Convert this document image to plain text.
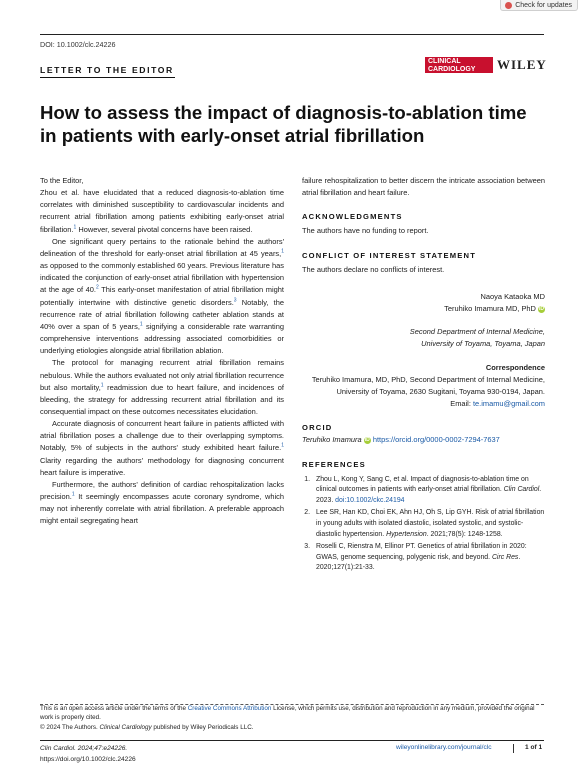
Check for updates
DOI: 10.1002/clc.24226
LETTER TO THE EDITOR
CLINICAL
CARDIOLOGY	WILEY
How to assess the impact of diagnosis-to-ablation time in patients with early-onset atrial fibrillation

To the Editor,

Zhou et al. have elucidated that a reduced diagnosis-to-ablation time correlates with diminished susceptibility to cardiovascular incidents and recurrent atrial fibrillation among patients exhibiting early-onset atrial fibrillation.$^1$ However, several pivotal concerns have been raised.

One significant query pertains to the rationale behind the authors' delineation of the threshold for early-onset atrial fibrillation at 45 years,$^1$ as opposed to the commonly established 60 years. Previous literature has indicated the conjunction of early-onset atrial fibrillation with hypertension at the age of 40.$^2$ This early-onset manifestation of atrial fibrillation might potentially intertwine with distinctive genetic disorders.$^3$ Notably, the recurrence rate of atrial fibrillation following catheter ablation stands at 40% over a span of 5 years,$^1$ signifying a considerable rate warranting comprehensive interventions addressing associated comorbidities or underlying etiologies alongside atrial fibrillation ablation.

The protocol for managing recurrent atrial fibrillation remains nebulous. While the authors evaluated not only atrial fibrillation recurrence but also mortality,$^1$ readmission due to heart failure, and incidences of bleeding, the strategy for addressing recurrent atrial fibrillation and its consequential impact on these outcomes necessitates elucidation.

Accurate diagnosis of concurrent heart failure in patients afflicted with atrial fibrillation poses a challenge due to their overlapping symptoms. Notably, 5% of subjects in the authors' study exhibited heart failure.$^1$ Clarity regarding the authors' methodology for diagnosing concurrent heart failure is imperative.

Furthermore, the authors' definition of cardiac rehospitalization lacks precision.$^1$ It seemingly encompasses acute coronary syndrome, which may not inherently correlate with atrial fibrillation. A preferable approach might entail segregating heart

failure rehospitalization to better discern the intricate association between atrial fibrillation and heart failure.

ACKNOWLEDGMENTS

The authors have no funding to report.

CONFLICT OF INTEREST STATEMENT

The authors declare no conflicts of interest.

Naoya Kataoka MD

Teruhiko Imamura MD, PhD iD

Second Department of Internal Medicine,

University of Toyama, Toyama, Japan

Correspondence

Teruhiko Imamura, MD, PhD, Second Department of Internal Medicine, University of Toyama, 2630 Sugitani, Toyama 930-0194, Japan.

Email: te.imamu@gmail.com

ORCID

Teruhiko Imamura iD https://orcid.org/0000-0002-7294-7637

REFERENCES

1. Zhou L, Kong Y, Sang C, et al. Impact of diagnosis-to-ablation time on clinical outcomes in patients with early-onset atrial fibrillation. Clin Cardiol. 2023. doi:10.1002/ckc.24194
2. Lee SR, Han KD, Choi EK, Ahn HJ, Oh S, Lip GYH. Risk of atrial fibrillation in young adults with isolated diastolic, isolated systolic, and systolic-diastolic hypertension. Hypertension. 2021;78(5): 1248-1258.
3. Roselli C, Rienstra M, Ellinor PT. Genetics of atrial fibrillation in 2020: GWAS, genome sequencing, polygenic risk, and beyond. Circ Res. 2020;127(1):21-33.
This is an open access article under the terms of the Creative Commons Attribution License, which permits use, distribution and reproduction in any medium, provided the original work is properly cited.
© 2024 The Authors. Clinical Cardiology published by Wiley Periodicals LLC.
Clin Cardiol. 2024;47:e24226.
https://doi.org/10.1002/clc.24226
wileyonlinelibrary.com/journal/clc	1 of 1
